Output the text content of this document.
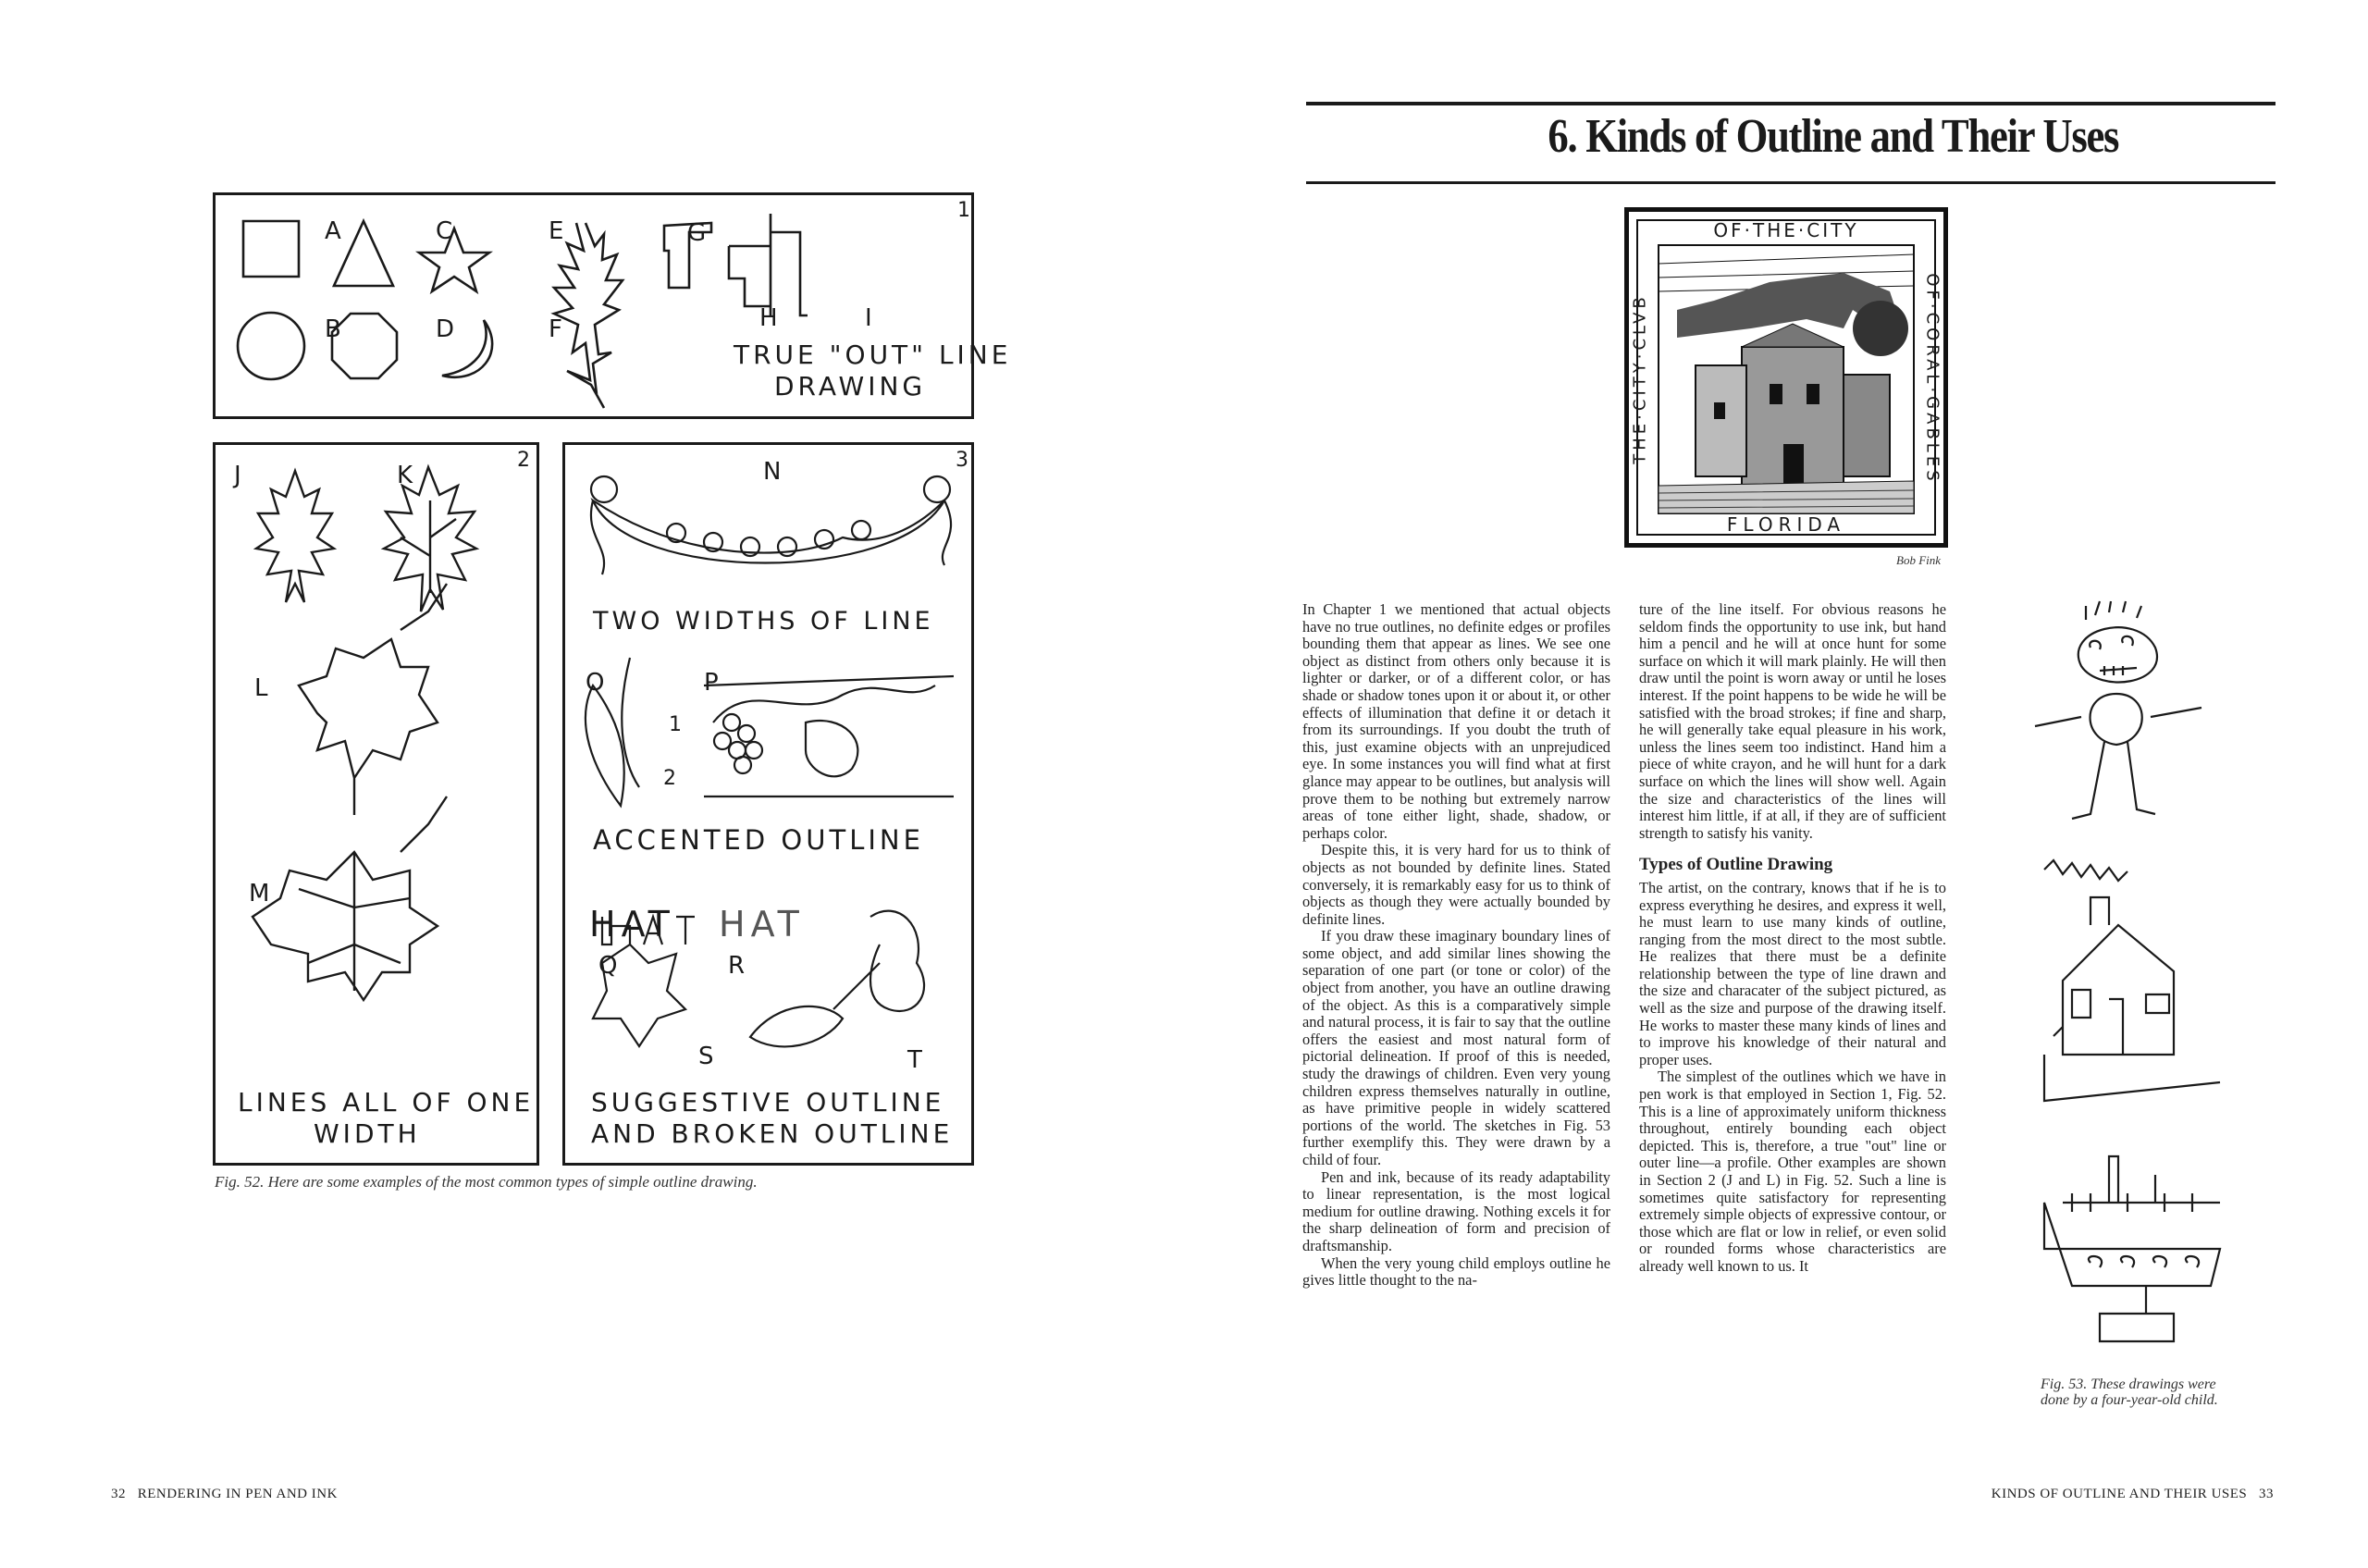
A
B
C
D
E
F
G
H	I
1
TRUE "OUT" LINE
DRAWING
J	K
L
M
2
LINES ALL OF ONE
WIDTH
N	3
TWO WIDTHS OF LINE
O	P
1
2
ACCENTED OUTLINE
HAT HAT
Q	R
S	T
SUGGESTIVE OUTLINE
AND BROKEN OUTLINE
Fig. 52. Here are some examples of the most common types of simple outline drawing.
32   RENDERING IN PEN AND INK
6. Kinds of Outline and Their Uses
OF·THE·CITY
FLORIDA
THE·CITY·CLVB	OF·CORAL·GABLES
Bob Fink

In Chapter 1 we mentioned that actual objects have no true outlines, no definite edges or profiles bounding them that appear as lines. We see one object as distinct from others only because it is lighter or darker, or of a different color, or has shade or shadow tones upon it or about it, or other effects of illumination that define it or detach it from its surroundings. If you doubt the truth of this, just examine objects with an unprejudiced eye. In some instances you will find what at first glance may appear to be outlines, but analysis will prove them to be nothing but extremely narrow areas of tone either light, shade, shadow, or perhaps color.

Despite this, it is very hard for us to think of objects as not bounded by definite lines. Stated conversely, it is remarkably easy for us to think of objects as though they were actually bounded by definite lines.

If you draw these imaginary boundary lines of some object, and add similar lines showing the separation of one part (or tone or color) of the object from another, you have an outline drawing of the object. As this is a comparatively simple and natural process, it is fair to say that the outline offers the easiest and most natural form of pictorial delineation. If proof of this is needed, study the drawings of children. Even very young children express themselves naturally in outline, as have primitive people in widely scattered portions of the world. The sketches in Fig. 53 further exemplify this. They were drawn by a child of four.

Pen and ink, because of its ready adaptability to linear representation, is the most logical medium for outline drawing. Nothing excels it for the sharp delineation of form and precision of draftsmanship.

When the very young child employs outline he gives little thought to the na-

ture of the line itself. For obvious reasons he seldom finds the opportunity to use ink, but hand him a pencil and he will at once hunt for some surface on which it will mark plainly. He will then draw until the point is worn away or until he loses interest. If the point happens to be wide he will be satisfied with the broad strokes; if fine and sharp, he will generally take equal pleasure in his work, unless the lines seem too indistinct. Hand him a piece of white crayon, and he will hunt for a dark surface on which the lines will show well. Again the size and characteristics of the lines will interest him little, if at all, if they are of sufficient strength to satisfy his vanity.

Types of Outline Drawing

The artist, on the contrary, knows that if he is to express everything he desires, and express it well, he must learn to use many kinds of outline, ranging from the most direct to the most subtle. He realizes that there must be a definite relationship between the type of line drawn and the size and characater of the subject pictured, as well as the size and purpose of the drawing itself. He works to master these many kinds of lines and to improve his knowledge of their natural and proper uses.

The simplest of the outlines which we have in pen work is that employed in Section 1, Fig. 52. This is a line of approximately uniform thickness throughout, entirely bounding each object depicted. This is, therefore, a true "out" line or outer line—a profile. Other examples are shown in Section 2 (J and L) in Fig. 52. Such a line is sometimes quite satisfactory for representing extremely simple objects of expressive contour, or those which are flat or low in relief, or even solid or rounded forms whose characteristics are already well known to us. It

Fig. 53. These drawings were done by a four-year-old child.
KINDS OF OUTLINE AND THEIR USES   33
